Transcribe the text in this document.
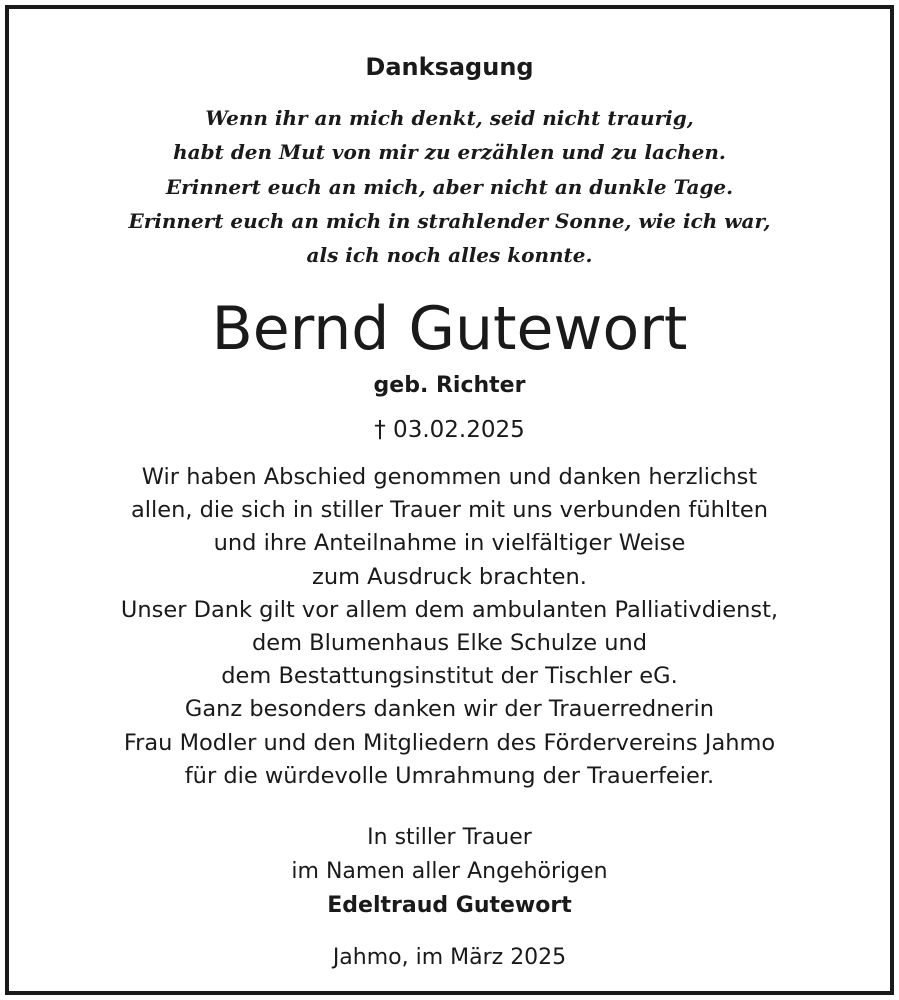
Danksagung
Wenn ihr an mich denkt, seid nicht traurig,
habt den Mut von mir zu erzählen und zu lachen.
Erinnert euch an mich, aber nicht an dunkle Tage.
Erinnert euch an mich in strahlender Sonne, wie ich war,
als ich noch alles konnte.
Bernd Gutewort
geb. Richter
† 03.02.2025
Wir haben Abschied genommen und danken herzlichst
allen, die sich in stiller Trauer mit uns verbunden fühlten
und ihre Anteilnahme in vielfältiger Weise
zum Ausdruck brachten.
Unser Dank gilt vor allem dem ambulanten Palliativdienst,
dem Blumenhaus Elke Schulze und
dem Bestattungsinstitut der Tischler eG.
Ganz besonders danken wir der Trauerrednerin
Frau Modler und den Mitgliedern des Fördervereins Jahmo
für die würdevolle Umrahmung der Trauerfeier.
In stiller Trauer
im Namen aller Angehörigen
Edeltraud Gutewort
Jahmo, im März 2025
